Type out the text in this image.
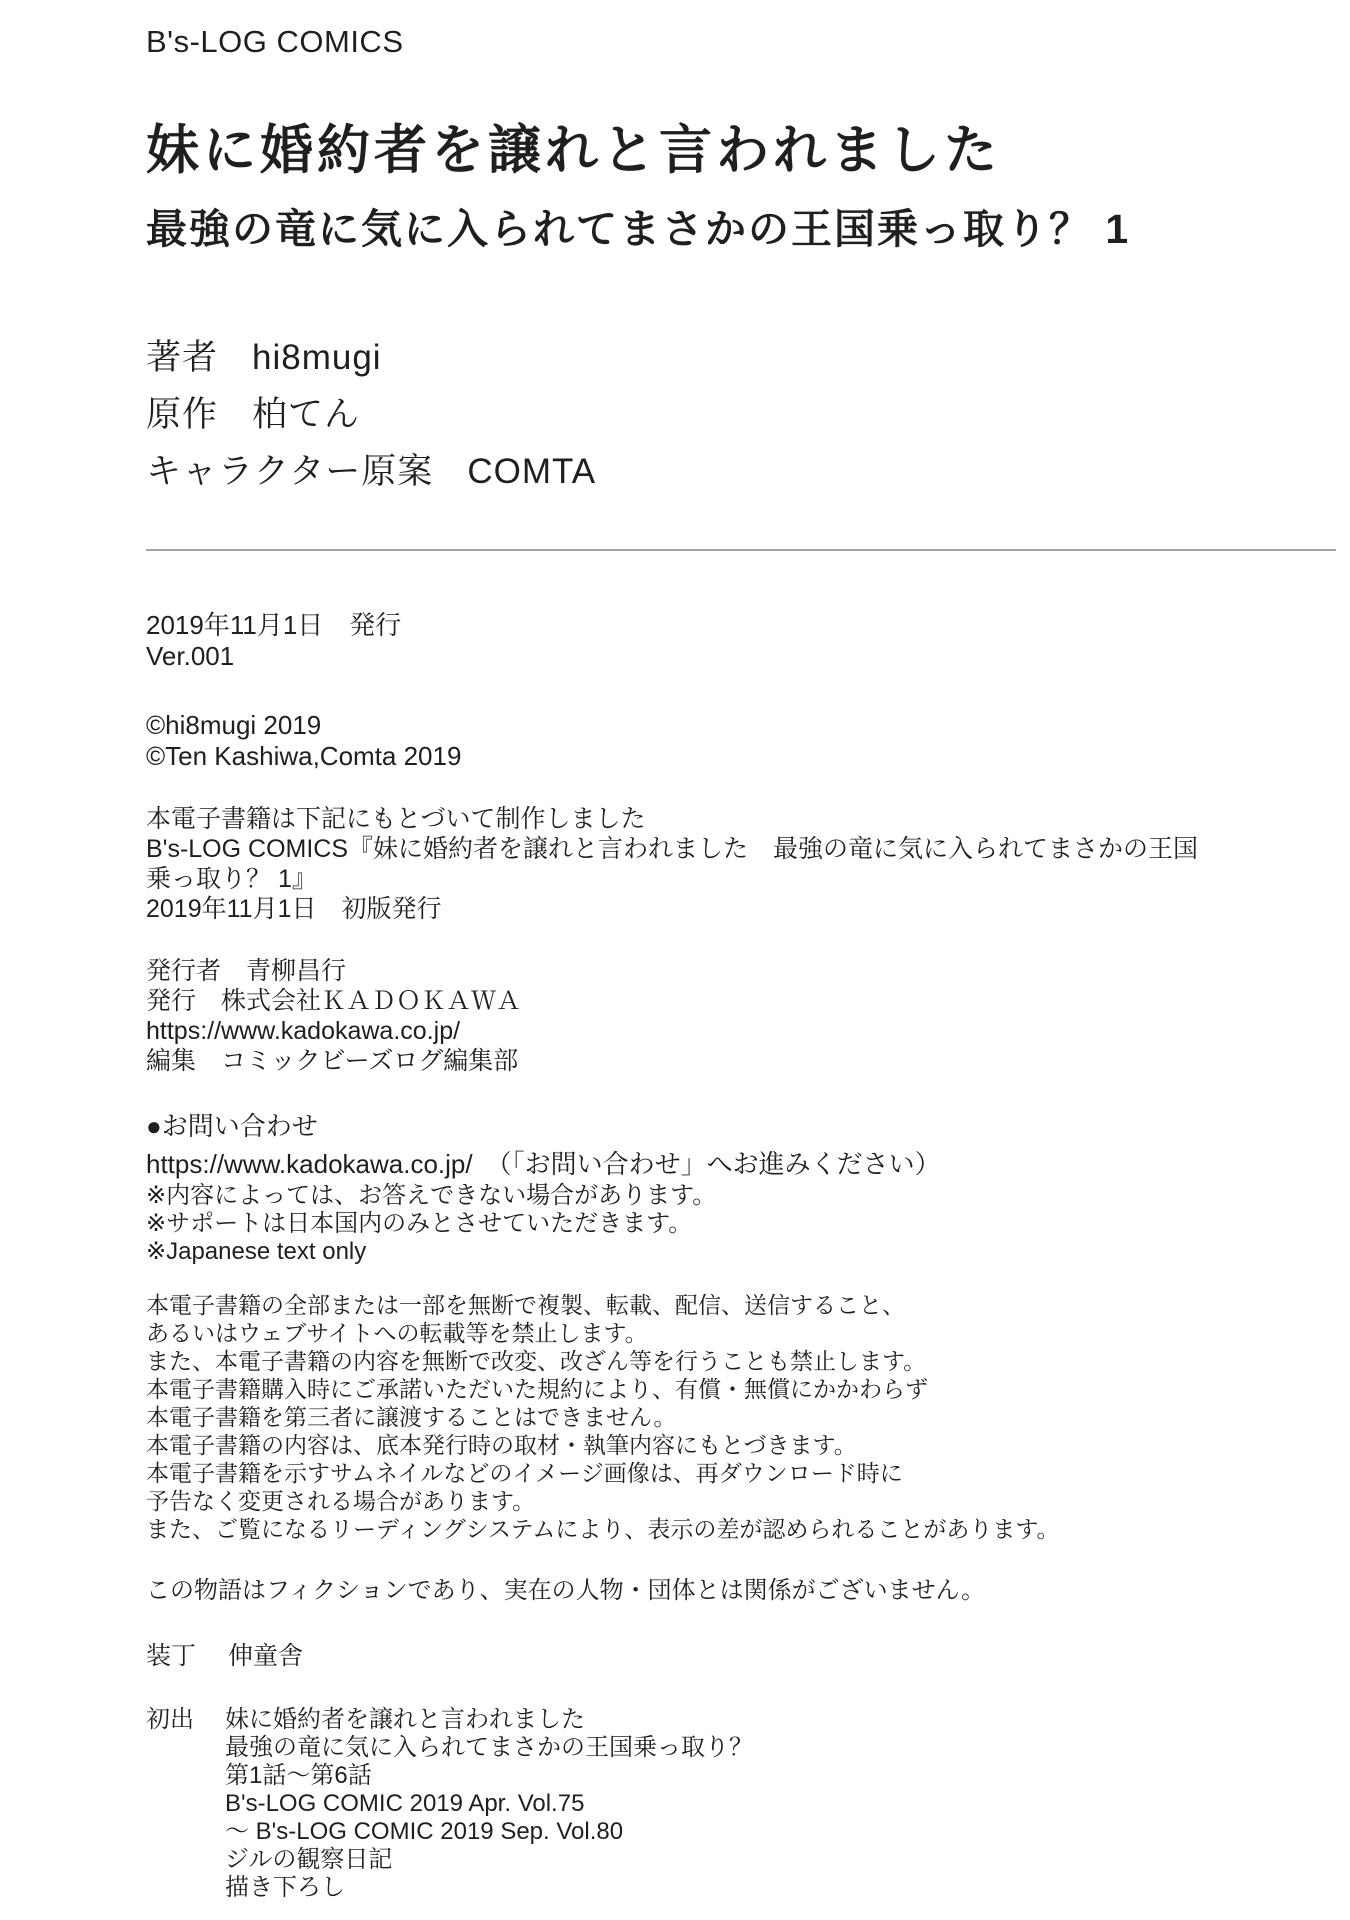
B's-LOG COMICS
妹に婚約者を譲れと言われました
最強の竜に気に入られてまさかの王国乗っ取り？ 1
著者 hi8mugi
原作 柏てん
キャラクター原案 COMTA
2019年11月1日　発行
Ver.001
©hi8mugi 2019
©Ten Kashiwa,Comta 2019
本電子書籍は下記にもとづいて制作しました
B's-LOG COMICS『妹に婚約者を譲れと言われました　最強の竜に気に入られてまさかの王国
乗っ取り？ 1』
2019年11月1日　初版発行
発行者　青柳昌行
発行　株式会社ＫＡＤＯＫＡＷＡ
https://www.kadokawa.co.jp/
編集　コミックビーズログ編集部
●お問い合わせ
https://www.kadokawa.co.jp/　（「お問い合わせ」へお進みください）
※内容によっては、お答えできない場合があります。
※サポートは日本国内のみとさせていただきます。
※Japanese text only
本電子書籍の全部または一部を無断で複製、転載、配信、送信すること、
あるいはウェブサイトへの転載等を禁止します。
また、本電子書籍の内容を無断で改変、改ざん等を行うことも禁止します。
本電子書籍購入時にご承諾いただいた規約により、有償・無償にかかわらず
本電子書籍を第三者に譲渡することはできません。
本電子書籍の内容は、底本発行時の取材・執筆内容にもとづきます。
本電子書籍を示すサムネイルなどのイメージ画像は、再ダウンロード時に
予告なく変更される場合があります。
また、ご覧になるリーディングシステムにより、表示の差が認められることがあります。
この物語はフィクションであり、実在の人物・団体とは関係がございません。
装丁 伸童舎
初出	妹に婚約者を譲れと言われました
最強の竜に気に入られてまさかの王国乗っ取り？
第1話～第6話
B's-LOG COMIC 2019 Apr. Vol.75
～ B's-LOG COMIC 2019 Sep. Vol.80
ジルの観察日記
描き下ろし
